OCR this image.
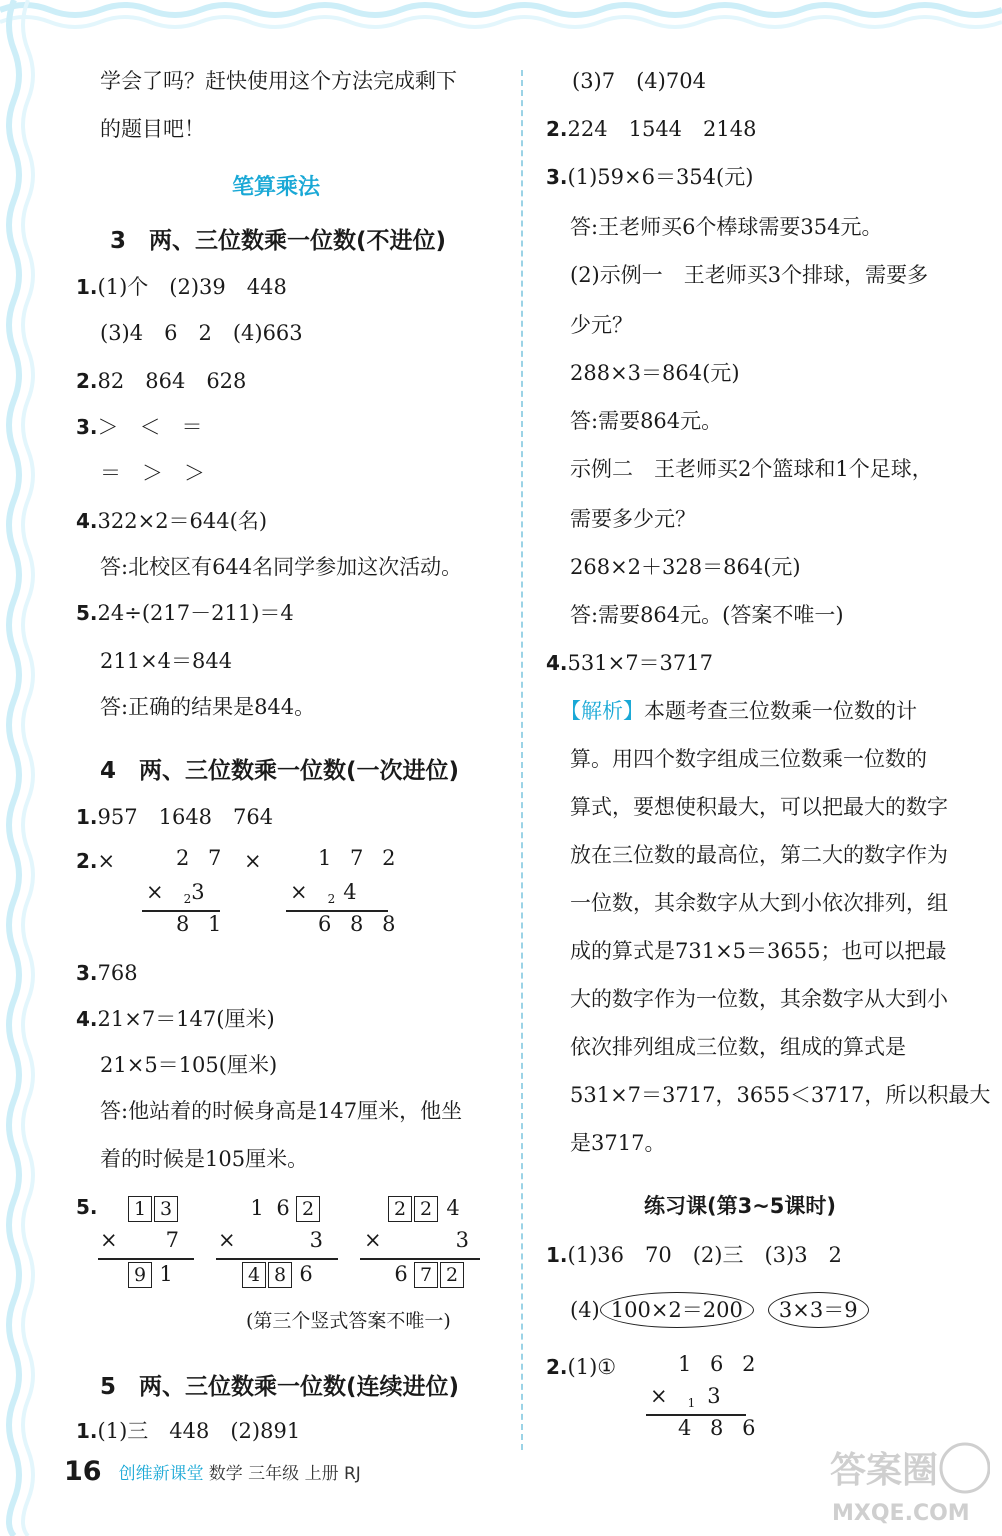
学会了吗？赶快使用这个方法完成剩下
的题目吧！
笔算乘法
3　两、三位数乘一位数(不进位)
1.(1)个　(2)39　448
(3)4　6　2　(4)663
2.82　864　628
3.＞　＜　＝
＝　＞　＞
4.322×2＝644(名)
答:北校区有644名同学参加这次活动。
5.24÷(217－211)＝4
211×4＝844
答:正确的结果是844。
4　两、三位数乘一位数(一次进位)
1.957　1648　764
2.×	2 7
× $_2$3
8 1
×	1 7 2
× $_2$ 4
6 8 8
3.768
4.21×7＝147(厘米)
21×5＝105(厘米)
答:他站着的时候身高是147厘米，他坐
着的时候是105厘米。
5.	1 3
× 7
9 1
1 6 2
×	3
4 8 6
2 2 4
×	3
6 7 2
(第三个竖式答案不唯一)
5　两、三位数乘一位数(连续进位)
1.(1)三　448　(2)891
(3)7　(4)704
2.224　1544　2148
3.(1)59×6＝354(元)
答:王老师买6个棒球需要354元。
(2)示例一　王老师买3个排球，需要多
少元？
288×3＝864(元)
答:需要864元。
示例二　王老师买2个篮球和1个足球，
需要多少元？
268×2＋328＝864(元)
答:需要864元。(答案不唯一)
4.531×7＝3717
【解析】本题考查三位数乘一位数的计
算。用四个数字组成三位数乘一位数的
算式，要想使积最大，可以把最大的数字
放在三位数的最高位，第二大的数字作为
一位数，其余数字从大到小依次排列，组
成的算式是731×5＝3655；也可以把最
大的数字作为一位数，其余数字从大到小
依次排列组成三位数，组成的算式是
531×7＝3717，3655＜3717，所以积最大
是3717。
练习课(第3~5课时)
1.(1)36　70　(2)三　(3)3　2
(4) 100×2＝200 3×3＝9
2.(1)①	1 6 2
× $_1$ 3
4 8 6
16 创维新课堂 数学 三年级 上册 RJ	答案圈
MXQE.COM
